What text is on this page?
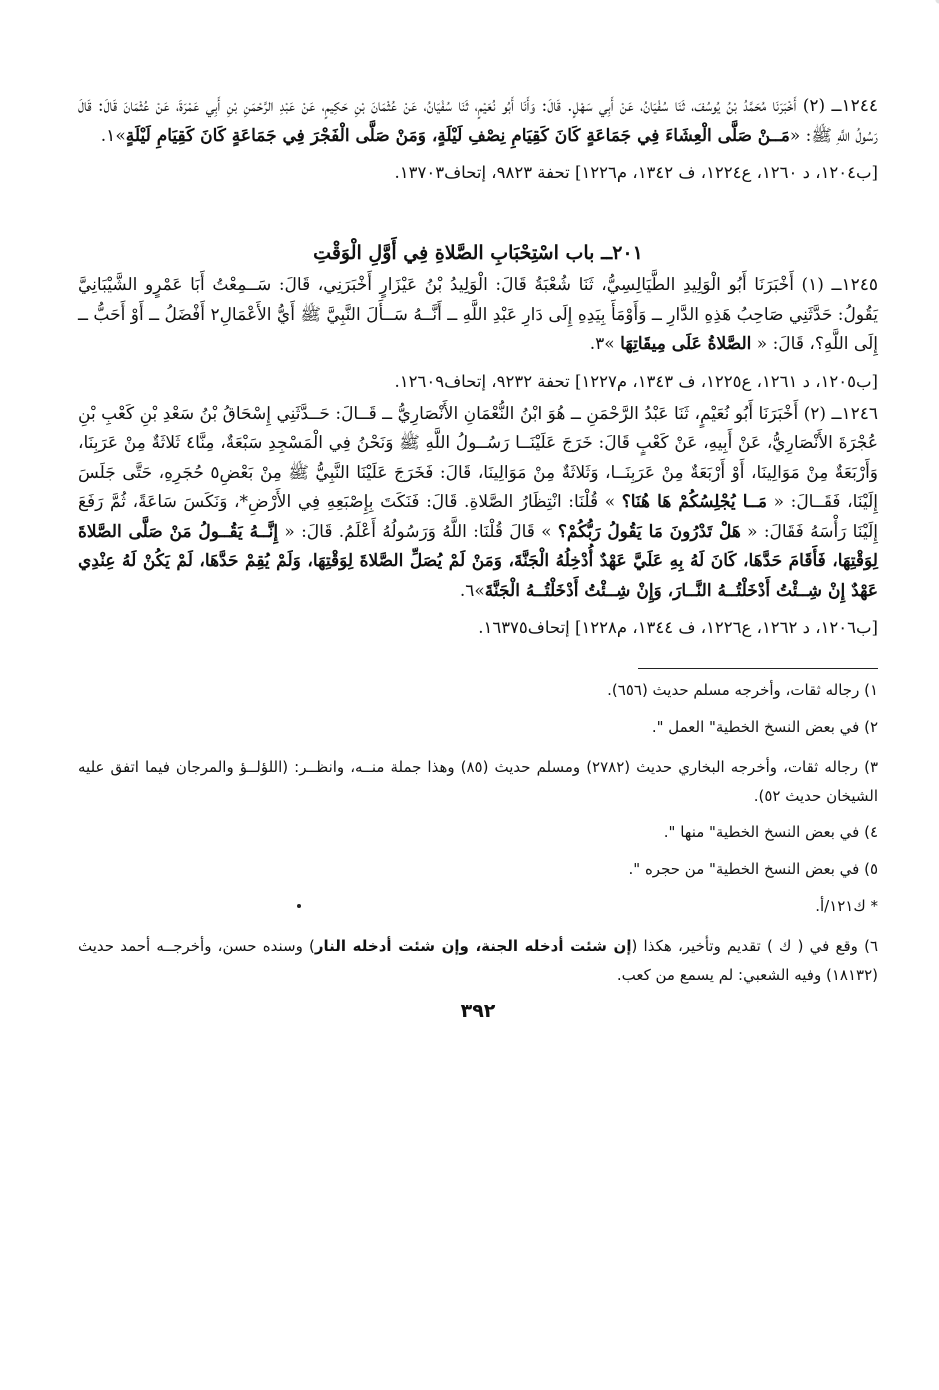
١٢٤٤ــ (٢) أَخْبَرَنَا مُحَمَّدُ بْنُ يُوسُفَ، ثَنَا سُفْيَانُ، عَنْ أَبِي سَهْلٍ. قَالَ: وَأَنَا أَبُو نُعَيْمٍ، ثَنَا سُفْيَانُ، عَنْ عُثْمَانَ بْنِ حَكِيمٍ، عَنْ عَبْدِ الرَّحْمَنِ بْنِ أَبِي عَمْرَةَ، عَنْ عُثْمَانَ قَالَ: قَالَ رَسُولُ اللَّهِ ﷺ: «مَــنْ صَلَّى الْعِشَاءَ فِي جَمَاعَةٍ كَانَ كَقِيَامِ نِصْفِ لَيْلَةٍ، وَمَنْ صَلَّى الْفَجْرَ فِي جَمَاعَةٍ كَانَ كَقِيَامِ لَيْلَةٍ»١.

[ب١٢٠٤، د ١٢٦٠، ع١٢٢٤، ف ١٣٤٢، م١٢٢٦] تحفة ٩٨٢٣، إتحاف١٣٧٠٣.

٢٠١ــ باب اسْتِحْبَابِ الصَّلاةِ فِي أَوَّلِ الْوَقْتِ

١٢٤٥ــ (١) أَخْبَرَنَا أَبُو الْوَلِيدِ الطَّيَالِسِيُّ، ثَنَا شُعْبَةُ قَالَ: الْوَلِيدُ بْنُ عَيْزَارٍ أَخْبَرَنِي، قَالَ: سَــمِعْتُ أَبَا عَمْرٍو الشَّيْبَانِيَّ يَقُولُ: حَدَّثَنِي صَاحِبُ هَذِهِ الدَّارِ ــ وَأَوْمَأَ بِيَدِهِ إِلَى دَارِ عَبْدِ اللَّهِ ــ أَنَّــهُ سَــأَلَ النَّبِيَّ ﷺ أَيُّ الأَعْمَالِ٢ أَفْضَلُ ــ أَوْ أَحَبُّ ــ إِلَى اللَّهِ؟، قَالَ: « الصَّلاةُ عَلَى مِيقَاتِهَا »٣.

[ب١٢٠٥، د ١٢٦١، ع١٢٢٥، ف ١٣٤٣، م١٢٢٧] تحفة ٩٢٣٢، إتحاف١٢٦٠٩.

١٢٤٦ــ (٢) أَخْبَرَنَا أَبُو نُعَيْمٍ، ثَنَا عَبْدُ الرَّحْمَنِ ــ هُوَ ابْنُ النُّعْمَانِ الأَنْصَارِيُّ ــ قَــالَ: حَــدَّثَنِي إِسْحَاقُ بْنُ سَعْدِ بْنِ كَعْبِ بْنِ عُجْرَةَ الأَنْصَارِيُّ، عَنْ أَبِيهِ، عَنْ كَعْبٍ قَالَ: خَرَجَ عَلَيْنَــا رَسُــولُ اللَّهِ ﷺ وَنَحْنُ فِي الْمَسْجِدِ سَبْعَةٌ، مِنَّا٤ ثَلاثَةٌ مِنْ عَرَبِنَا، وَأَرْبَعَةٌ مِنْ مَوَالِينَا، أَوْ أَرْبَعَةٌ مِنْ عَرَبِنَــا، وَثَلاثَةٌ مِنْ مَوَالِينَا، قَالَ: فَخَرَجَ عَلَيْنَا النَّبِيُّ ﷺ مِنْ بَعْضِ٥ حُجَرِهِ، حَتَّى جَلَسَ إِلَيْنَا، فَقَــالَ: « مَــا يُجْلِسُكُمْ هَا هُنَا؟ » قُلْنَا: انْتِظَارُ الصَّلاةِ. قَالَ: فَنَكَتَ بِإِصْبَعِهِ فِي الأَرْضِ*، وَنَكَسَ سَاعَةً، ثُمَّ رَفَعَ إِلَيْنَا رَأْسَهُ فَقَالَ: « هَلْ تَدْرُونَ مَا يَقُولُ رَبُّكُمْ؟ » قَالَ قُلْنَا: اللَّهُ وَرَسُولُهُ أَعْلَمُ. قَالَ: « إِنَّــهُ يَقُــولُ مَنْ صَلَّى الصَّلاةَ لِوَقْتِهَا، فَأَقَامَ حَدَّهَا، كَانَ لَهُ بِهِ عَلَيَّ عَهْدٌ أُدْخِلُهُ الْجَنَّةَ، وَمَنْ لَمْ يُصَلِّ الصَّلاةَ لِوَقْتِهَا، وَلَمْ يُقِمْ حَدَّهَا، لَمْ يَكُنْ لَهُ عِنْدِي عَهْدٌ إِنْ شِــئْتُ أَدْخَلْتُــهُ النَّــارَ، وَإِنْ شِــئْتُ أَدْخَلْتُــهُ الْجَنَّةَ»٦.

[ب١٢٠٦، د ١٢٦٢، ع١٢٢٦، ف ١٣٤٤، م١٢٢٨] إتحاف١٦٣٧٥.

١) رجاله ثقات، وأخرجه مسلم حديث (٦٥٦).

٢) في بعض النسخ الخطية" العمل ".

٣) رجاله ثقات، وأخرجه البخاري حديث (٢٧٨٢) ومسلم حديث (٨٥) وهذا جملة منــه، وانظــر: (اللؤلــؤ والمرجان فيما اتفق عليه الشيخان حديث ٥٢).

٤) في بعض النسخ الخطية" منها ".

٥) في بعض النسخ الخطية" من حجره ".

* ك١٢١/أ.

٦) وقع في ( ك ) تقديم وتأخير، هكذا (إن شئت أدخله الجنة، وإن شئت أدخله النار) وسنده حسن، وأخرجــه أحمد حديث (١٨١٣٢) وفيه الشعبي: لم يسمع من كعب.

٣٩٢
